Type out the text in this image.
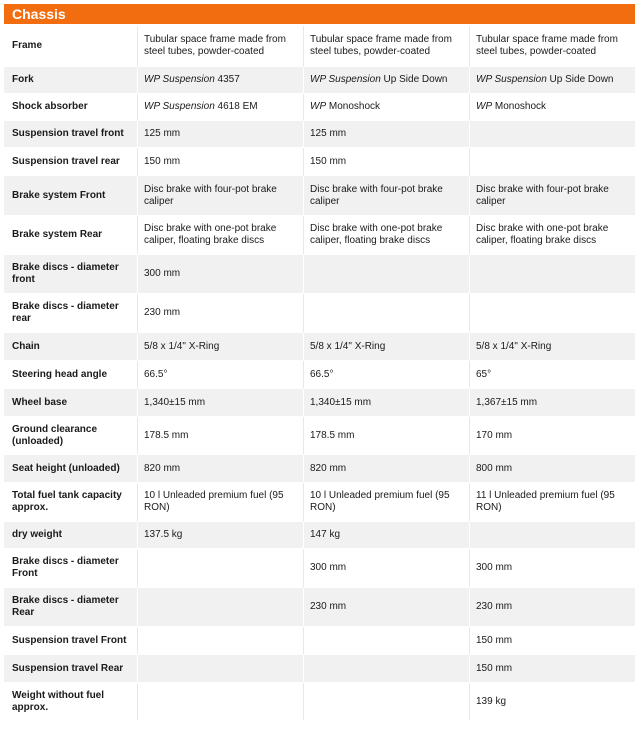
Chassis
Frame	Tubular space frame made from steel tubes, powder-coated	Tubular space frame made from steel tubes, powder-coated	Tubular space frame made from steel tubes, powder-coated
Fork	WP Suspension 4357	WP Suspension Up Side Down	WP Suspension Up Side Down
Shock absorber	WP Suspension 4618 EM	WP Monoshock	WP Monoshock
Suspension travel front	125 mm	125 mm	
Suspension travel rear	150 mm	150 mm	
Brake system Front	Disc brake with four-pot brake caliper	Disc brake with four-pot brake caliper	Disc brake with four-pot brake caliper
Brake system Rear	Disc brake with one-pot brake caliper, floating brake discs	Disc brake with one-pot brake caliper, floating brake discs	Disc brake with one-pot brake caliper, floating brake discs
Brake discs - diameter front	300 mm		
Brake discs - diameter rear	230 mm		
Chain	5/8 x 1/4" X-Ring	5/8 x 1/4" X-Ring	5/8 x 1/4" X-Ring
Steering head angle	66.5°	66.5°	65°
Wheel base	1,340±15 mm	1,340±15 mm	1,367±15 mm
Ground clearance (unloaded)	178.5 mm	178.5 mm	170 mm
Seat height (unloaded)	820 mm	820 mm	800 mm
Total fuel tank capacity approx.	10 l Unleaded premium fuel (95 RON)	10 l Unleaded premium fuel (95 RON)	11 l Unleaded premium fuel (95 RON)
dry weight	137.5 kg	147 kg	
Brake discs - diameter Front		300 mm	300 mm
Brake discs - diameter Rear		230 mm	230 mm
Suspension travel Front			150 mm
Suspension travel Rear			150 mm
Weight without fuel approx.			139 kg
